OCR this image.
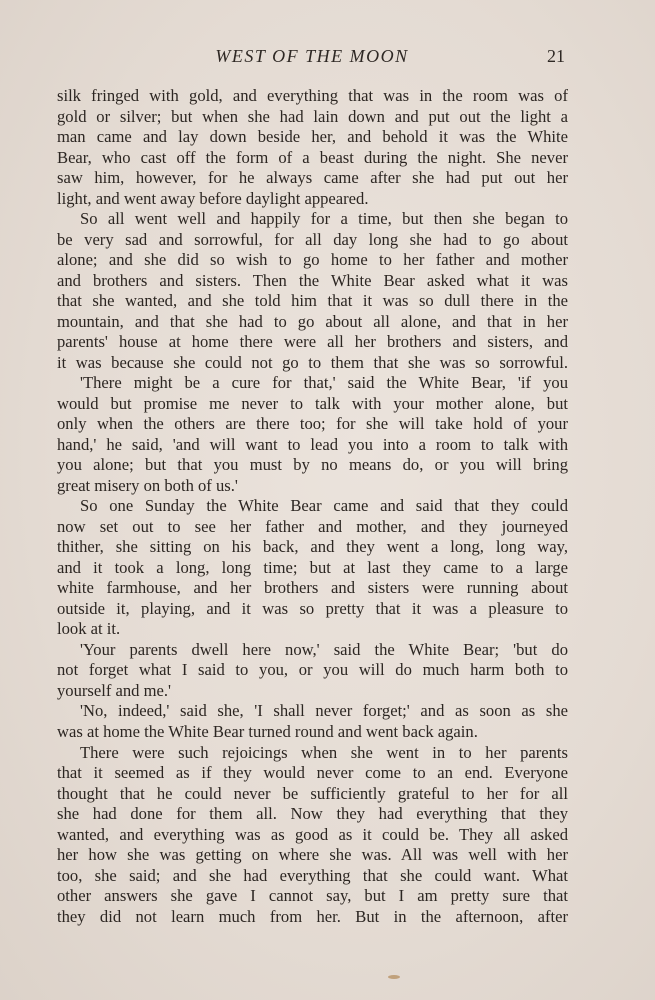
WEST OF THE MOON	21
silk fringed with gold, and everything that was in the room was of
gold or silver; but when she had lain down and put out the light a
man came and lay down beside her, and behold it was the White
Bear, who cast off the form of a beast during the night. She never
saw him, however, for he always came after she had put out her
light, and went away before daylight appeared.
So all went well and happily for a time, but then she began to
be very sad and sorrowful, for all day long she had to go about
alone; and she did so wish to go home to her father and mother
and brothers and sisters. Then the White Bear asked what it was
that she wanted, and she told him that it was so dull there in the
mountain, and that she had to go about all alone, and that in her
parents' house at home there were all her brothers and sisters, and
it was because she could not go to them that she was so sorrowful.
'There might be a cure for that,' said the White Bear, 'if you
would but promise me never to talk with your mother alone, but
only when the others are there too; for she will take hold of your
hand,' he said, 'and will want to lead you into a room to talk with
you alone; but that you must by no means do, or you will bring
great misery on both of us.'
So one Sunday the White Bear came and said that they could
now set out to see her father and mother, and they journeyed
thither, she sitting on his back, and they went a long, long way,
and it took a long, long time; but at last they came to a large
white farmhouse, and her brothers and sisters were running about
outside it, playing, and it was so pretty that it was a pleasure to
look at it.
'Your parents dwell here now,' said the White Bear; 'but do
not forget what I said to you, or you will do much harm both to
yourself and me.'
'No, indeed,' said she, 'I shall never forget;' and as soon as she
was at home the White Bear turned round and went back again.
There were such rejoicings when she went in to her parents
that it seemed as if they would never come to an end. Everyone
thought that he could never be sufficiently grateful to her for all
she had done for them all. Now they had everything that they
wanted, and everything was as good as it could be. They all asked
her how she was getting on where she was. All was well with her
too, she said; and she had everything that she could want. What
other answers she gave I cannot say, but I am pretty sure that
they did not learn much from her. But in the afternoon, after
